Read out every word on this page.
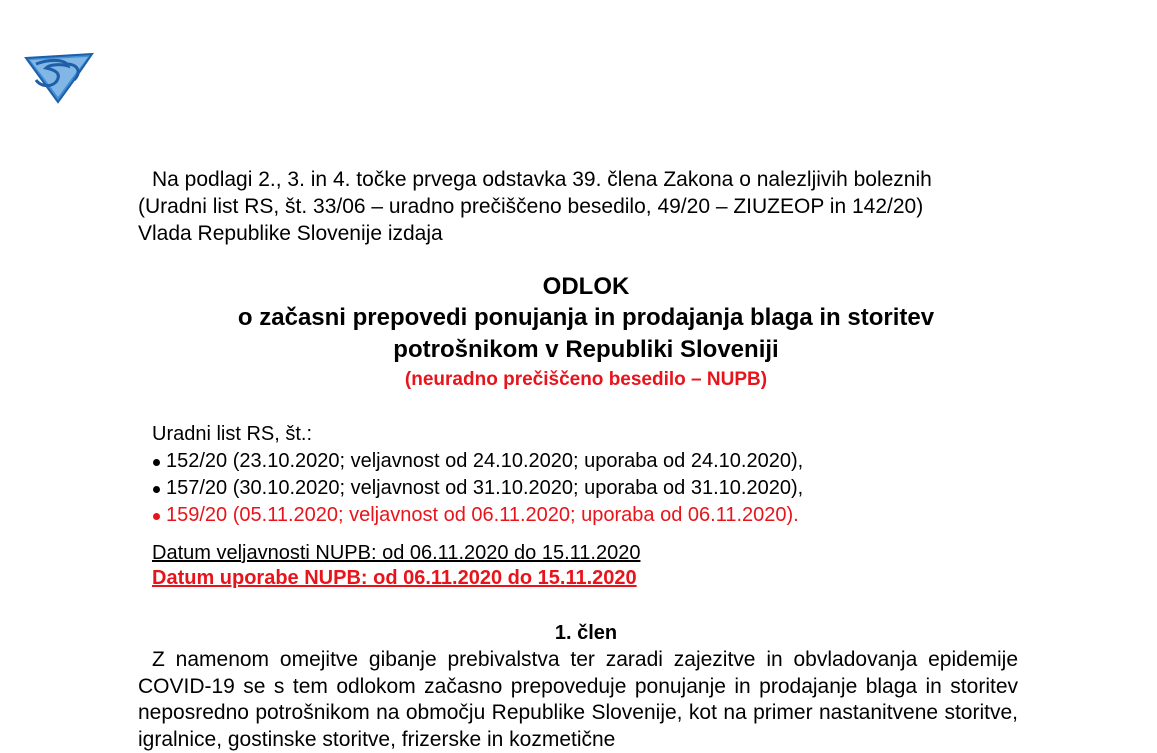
Na podlagi 2., 3. in 4. točke prvega odstavka 39. člena Zakona o nalezljivih boleznih
(Uradni list RS, št. 33/06 – uradno prečiščeno besedilo, 49/20 – ZIUZEOP in 142/20)
Vlada Republike Slovenije izdaja
ODLOK
o začasni prepovedi ponujanja in prodajanja blaga in storitev
potrošnikom v Republiki Sloveniji
(neuradno prečiščeno besedilo – NUPB)
Uradni list RS, št.:
152/20 (23.10.2020; veljavnost od 24.10.2020; uporaba od 24.10.2020),
157/20 (30.10.2020; veljavnost od 31.10.2020; uporaba od 31.10.2020),
159/20 (05.11.2020; veljavnost od 06.11.2020; uporaba od 06.11.2020).
Datum veljavnosti NUPB: od 06.11.2020 do 15.11.2020
Datum uporabe NUPB: od 06.11.2020 do 15.11.2020
1. člen
Z namenom omejitve gibanje prebivalstva ter zaradi zajezitve in obvladovanja epidemije COVID-19 se s tem odlokom začasno prepoveduje ponujanje in prodajanje blaga in storitev neposredno potrošnikom na območju Republike Slovenije, kot na primer nastanitvene storitve, igralnice, gostinske storitve, frizerske in kozmetične
